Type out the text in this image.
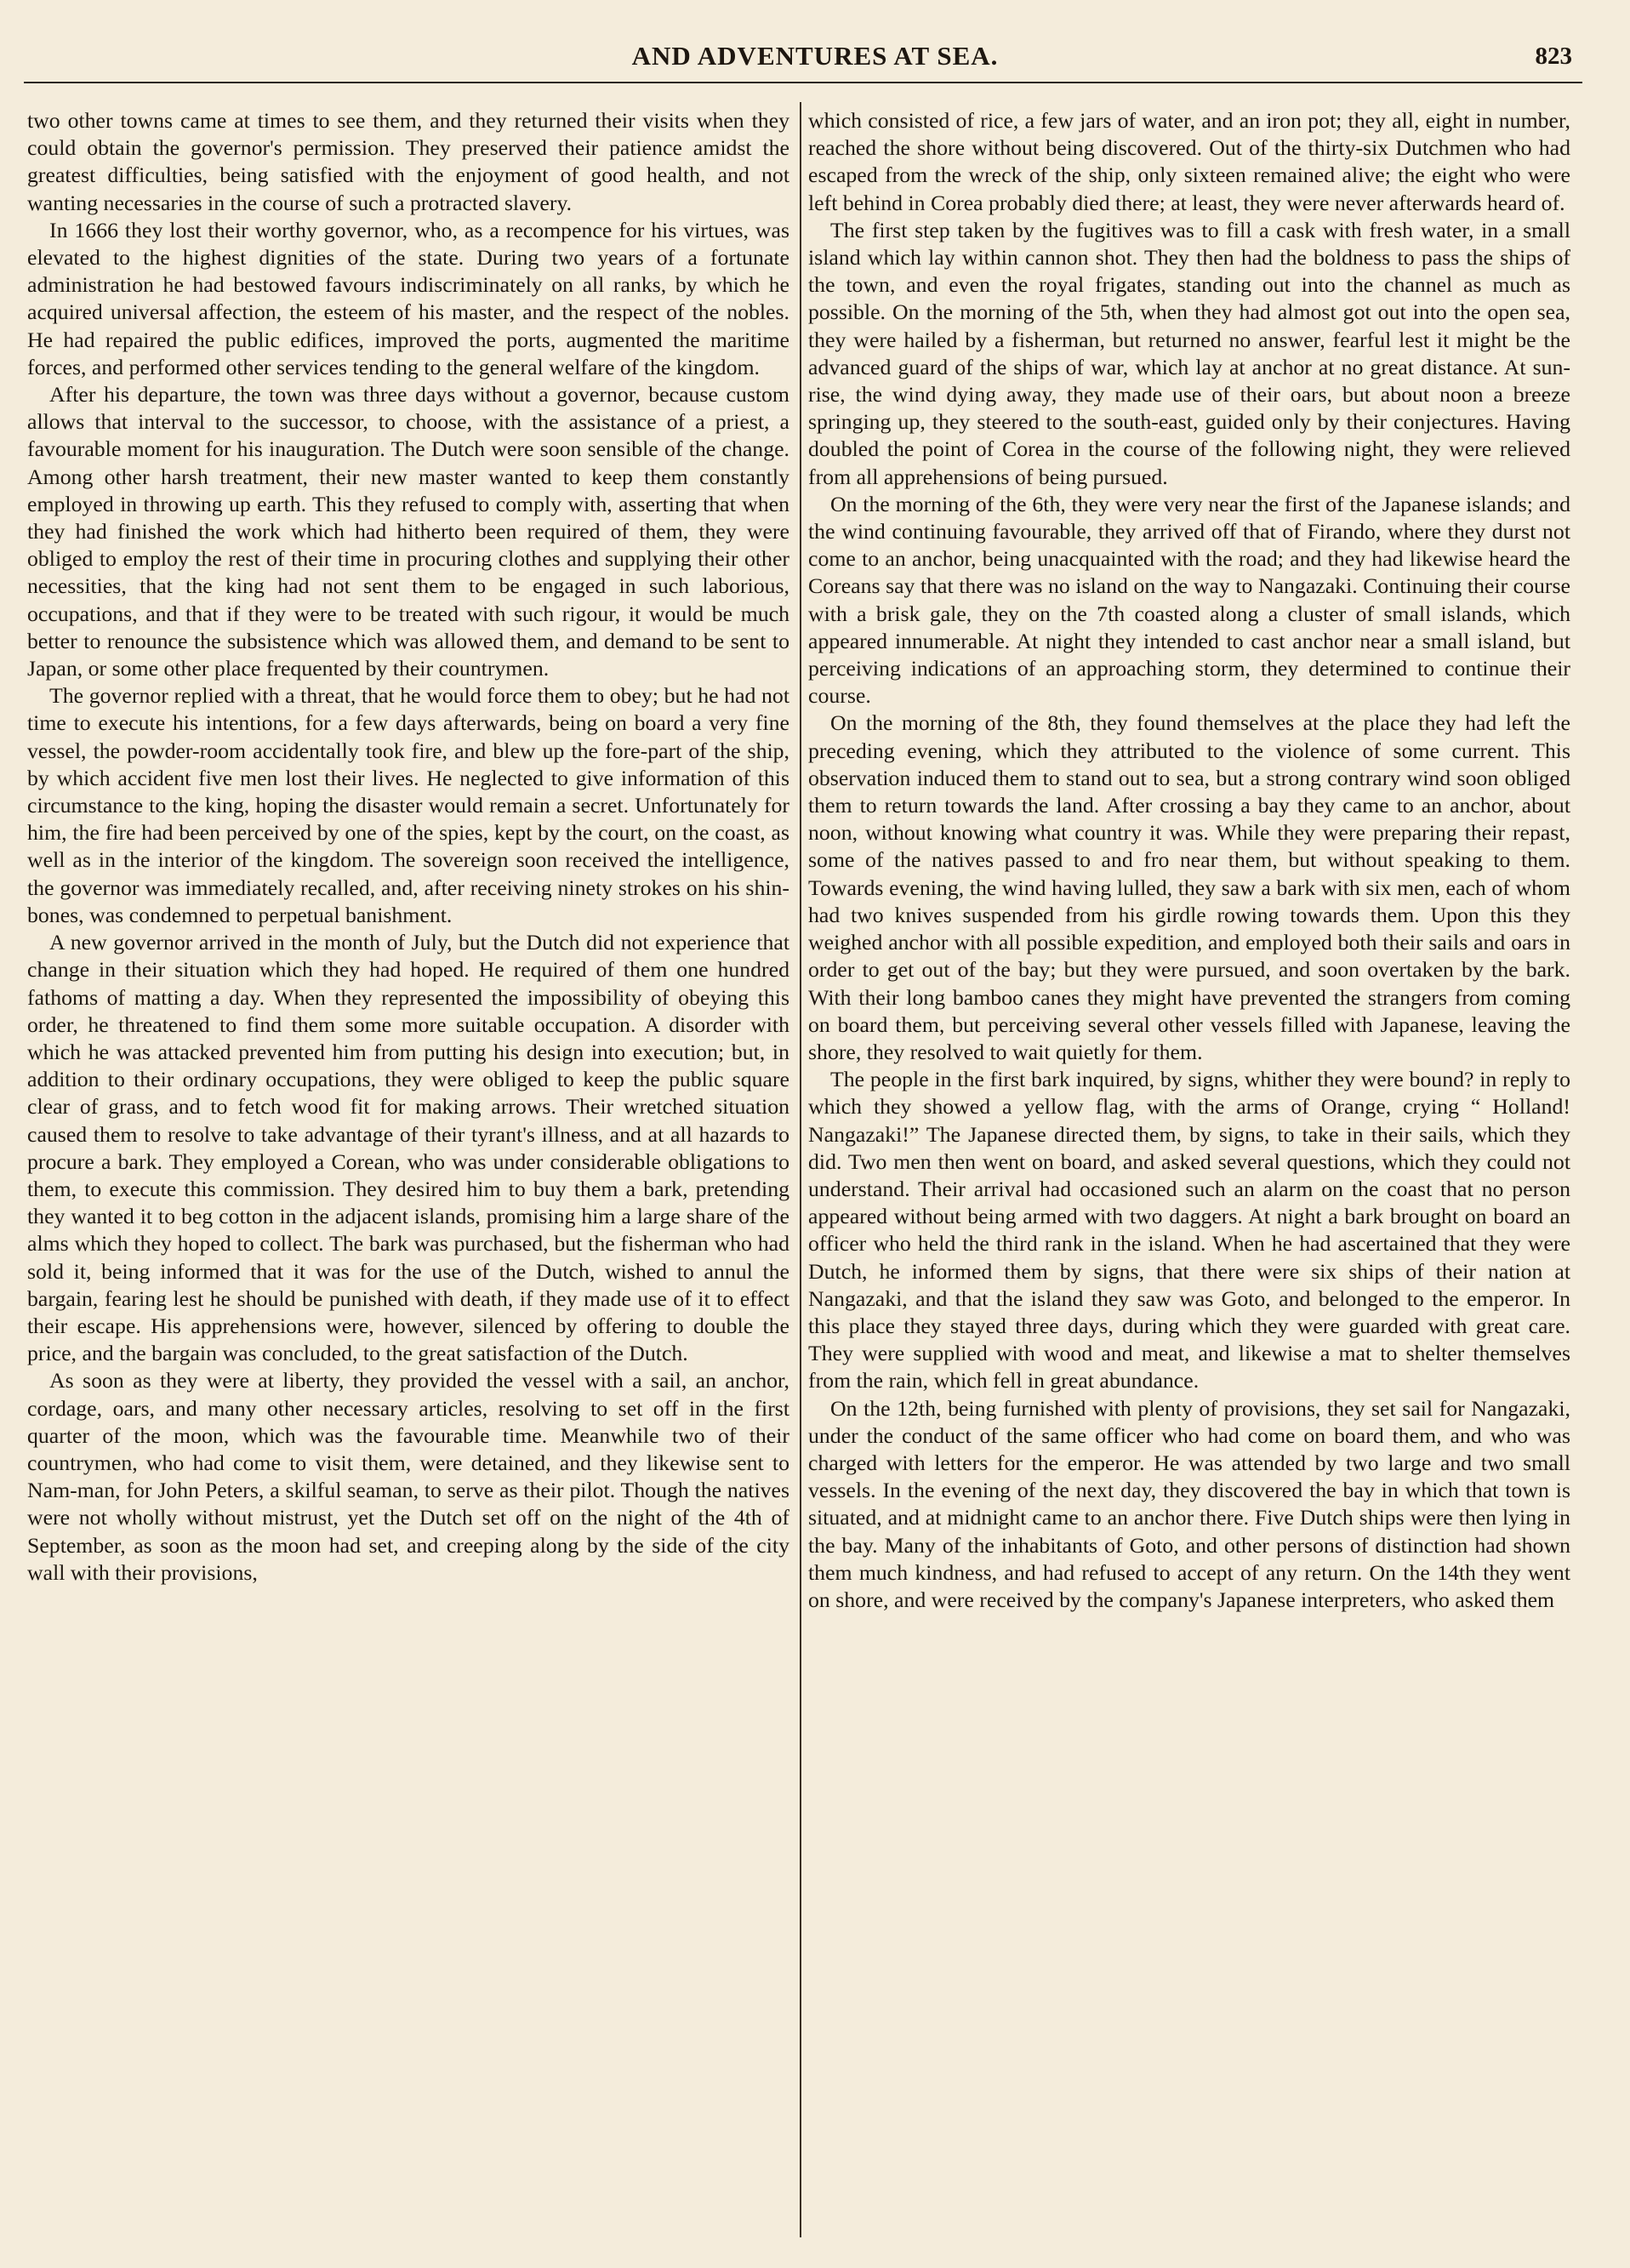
AND ADVENTURES AT SEA.	823

two other towns came at times to see them, and they returned their visits when they could obtain the governor's permission. They preserved their patience amidst the greatest difficulties, being satisfied with the enjoyment of good health, and not wanting necessaries in the course of such a protracted slavery.

In 1666 they lost their worthy governor, who, as a recompence for his virtues, was elevated to the highest dignities of the state. During two years of a fortunate administration he had bestowed favours indiscriminately on all ranks, by which he acquired universal affection, the esteem of his master, and the respect of the nobles. He had repaired the public edifices, improved the ports, augmented the maritime forces, and performed other services tending to the general welfare of the kingdom.

After his departure, the town was three days without a governor, because custom allows that interval to the successor, to choose, with the assistance of a priest, a favourable moment for his inauguration. The Dutch were soon sensible of the change. Among other harsh treatment, their new master wanted to keep them constantly employed in throwing up earth. This they refused to comply with, asserting that when they had finished the work which had hitherto been required of them, they were obliged to employ the rest of their time in procuring clothes and supplying their other necessities, that the king had not sent them to be engaged in such laborious, occupations, and that if they were to be treated with such rigour, it would be much better to renounce the subsistence which was allowed them, and demand to be sent to Japan, or some other place frequented by their countrymen.

The governor replied with a threat, that he would force them to obey; but he had not time to execute his intentions, for a few days afterwards, being on board a very fine vessel, the powder-room accidentally took fire, and blew up the fore-part of the ship, by which accident five men lost their lives. He neglected to give information of this circumstance to the king, hoping the disaster would remain a secret. Unfortunately for him, the fire had been perceived by one of the spies, kept by the court, on the coast, as well as in the interior of the kingdom. The sovereign soon received the intelligence, the governor was immediately recalled, and, after receiving ninety strokes on his shin-bones, was condemned to perpetual banishment.

A new governor arrived in the month of July, but the Dutch did not experience that change in their situation which they had hoped. He required of them one hundred fathoms of matting a day. When they represented the impossibility of obeying this order, he threatened to find them some more suitable occupation. A disorder with which he was attacked prevented him from putting his design into execution; but, in addition to their ordinary occupations, they were obliged to keep the public square clear of grass, and to fetch wood fit for making arrows. Their wretched situation caused them to resolve to take advantage of their tyrant's illness, and at all hazards to procure a bark. They employed a Corean, who was under considerable obligations to them, to execute this commission. They desired him to buy them a bark, pretending they wanted it to beg cotton in the adjacent islands, promising him a large share of the alms which they hoped to collect. The bark was purchased, but the fisherman who had sold it, being informed that it was for the use of the Dutch, wished to annul the bargain, fearing lest he should be punished with death, if they made use of it to effect their escape. His apprehensions were, however, silenced by offering to double the price, and the bargain was concluded, to the great satisfaction of the Dutch.

As soon as they were at liberty, they provided the vessel with a sail, an anchor, cordage, oars, and many other necessary articles, resolving to set off in the first quarter of the moon, which was the favourable time. Meanwhile two of their countrymen, who had come to visit them, were detained, and they likewise sent to Nam-man, for John Peters, a skilful seaman, to serve as their pilot. Though the natives were not wholly without mistrust, yet the Dutch set off on the night of the 4th of September, as soon as the moon had set, and creeping along by the side of the city wall with their provisions,

which consisted of rice, a few jars of water, and an iron pot; they all, eight in number, reached the shore without being discovered. Out of the thirty-six Dutchmen who had escaped from the wreck of the ship, only sixteen remained alive; the eight who were left behind in Corea probably died there; at least, they were never afterwards heard of.

The first step taken by the fugitives was to fill a cask with fresh water, in a small island which lay within cannon shot. They then had the boldness to pass the ships of the town, and even the royal frigates, standing out into the channel as much as possible. On the morning of the 5th, when they had almost got out into the open sea, they were hailed by a fisherman, but returned no answer, fearful lest it might be the advanced guard of the ships of war, which lay at anchor at no great distance. At sun-rise, the wind dying away, they made use of their oars, but about noon a breeze springing up, they steered to the south-east, guided only by their conjectures. Having doubled the point of Corea in the course of the following night, they were relieved from all apprehensions of being pursued.

On the morning of the 6th, they were very near the first of the Japanese islands; and the wind continuing favourable, they arrived off that of Firando, where they durst not come to an anchor, being unacquainted with the road; and they had likewise heard the Coreans say that there was no island on the way to Nangazaki. Continuing their course with a brisk gale, they on the 7th coasted along a cluster of small islands, which appeared innumerable. At night they intended to cast anchor near a small island, but perceiving indications of an approaching storm, they determined to continue their course.

On the morning of the 8th, they found themselves at the place they had left the preceding evening, which they attributed to the violence of some current. This observation induced them to stand out to sea, but a strong contrary wind soon obliged them to return towards the land. After crossing a bay they came to an anchor, about noon, without knowing what country it was. While they were preparing their repast, some of the natives passed to and fro near them, but without speaking to them. Towards evening, the wind having lulled, they saw a bark with six men, each of whom had two knives suspended from his girdle rowing towards them. Upon this they weighed anchor with all possible expedition, and employed both their sails and oars in order to get out of the bay; but they were pursued, and soon overtaken by the bark. With their long bamboo canes they might have prevented the strangers from coming on board them, but perceiving several other vessels filled with Japanese, leaving the shore, they resolved to wait quietly for them.

The people in the first bark inquired, by signs, whither they were bound? in reply to which they showed a yellow flag, with the arms of Orange, crying “ Holland! Nangazaki!” The Japanese directed them, by signs, to take in their sails, which they did. Two men then went on board, and asked several questions, which they could not understand. Their arrival had occasioned such an alarm on the coast that no person appeared without being armed with two daggers. At night a bark brought on board an officer who held the third rank in the island. When he had ascertained that they were Dutch, he informed them by signs, that there were six ships of their nation at Nangazaki, and that the island they saw was Goto, and belonged to the emperor. In this place they stayed three days, during which they were guarded with great care. They were supplied with wood and meat, and likewise a mat to shelter themselves from the rain, which fell in great abundance.

On the 12th, being furnished with plenty of provisions, they set sail for Nangazaki, under the conduct of the same officer who had come on board them, and who was charged with letters for the emperor. He was attended by two large and two small vessels. In the evening of the next day, they discovered the bay in which that town is situated, and at midnight came to an anchor there. Five Dutch ships were then lying in the bay. Many of the inhabitants of Goto, and other persons of distinction had shown them much kindness, and had refused to accept of any return. On the 14th they went on shore, and were received by the company's Japanese interpreters, who asked them
